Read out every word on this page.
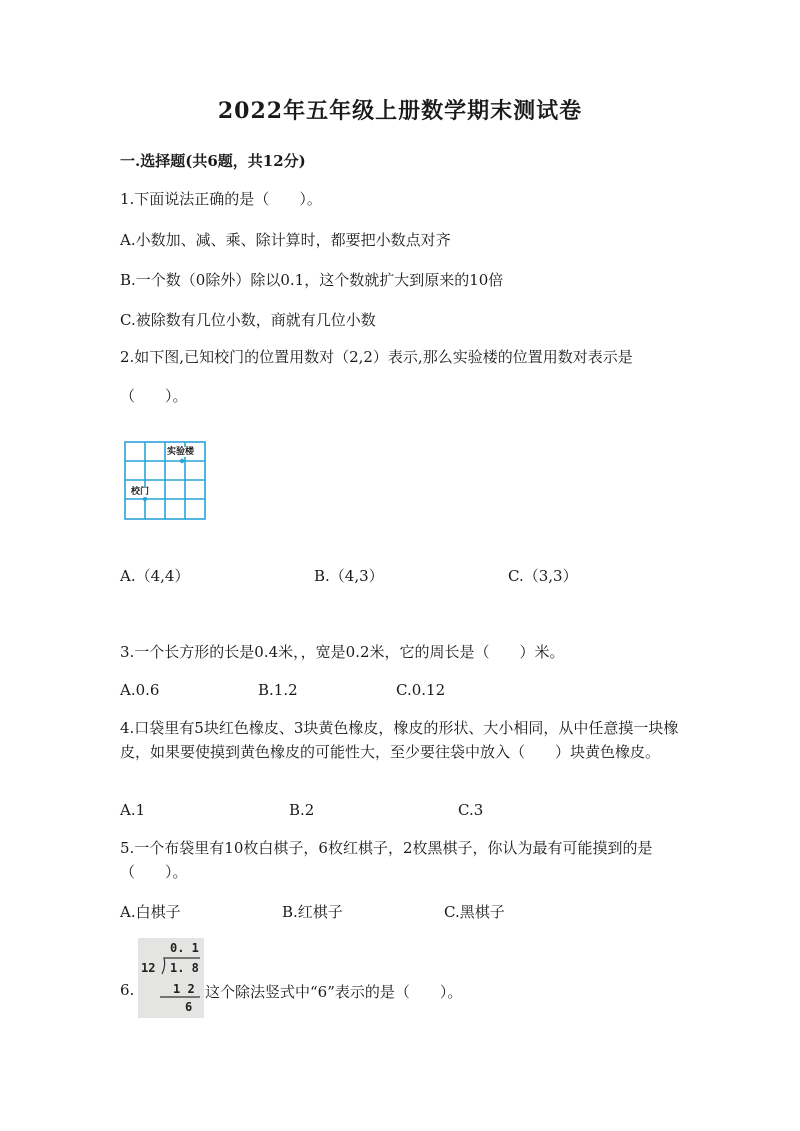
2022年五年级上册数学期末测试卷
一.选择题(共6题，共12分)
1.下面说法正确的是（　　）。
A.小数加、减、乘、除计算时，都要把小数点对齐
B.一个数（0除外）除以0.1，这个数就扩大到原来的10倍
C.被除数有几位小数，商就有几位小数
2.如下图,已知校门的位置用数对（2,2）表示,那么实验楼的位置用数对表示是
（　　）。
实验楼
校门
A.（4,4）	B.（4,3）	C.（3,3）
3.一个长方形的长是0.4米，，宽是0.2米，它的周长是（　　）米。
A.0.6	B.1.2	C.0.12
4.口袋里有5块红色橡皮、3块黄色橡皮，橡皮的形状、大小相同，从中任意摸一块橡皮，如果要使摸到黄色橡皮的可能性大，至少要往袋中放入（　　）块黄色橡皮。
A.1	B.2	C.3
5.一个布袋里有10枚白棋子，6枚红棋子，2枚黑棋子，你认为最有可能摸到的是（　　）。
A.白棋子	B.红棋子	C.黑棋子
6.
0. 1
12 1. 8
1 2
6
这个除法竖式中“6”表示的是（　　）。
